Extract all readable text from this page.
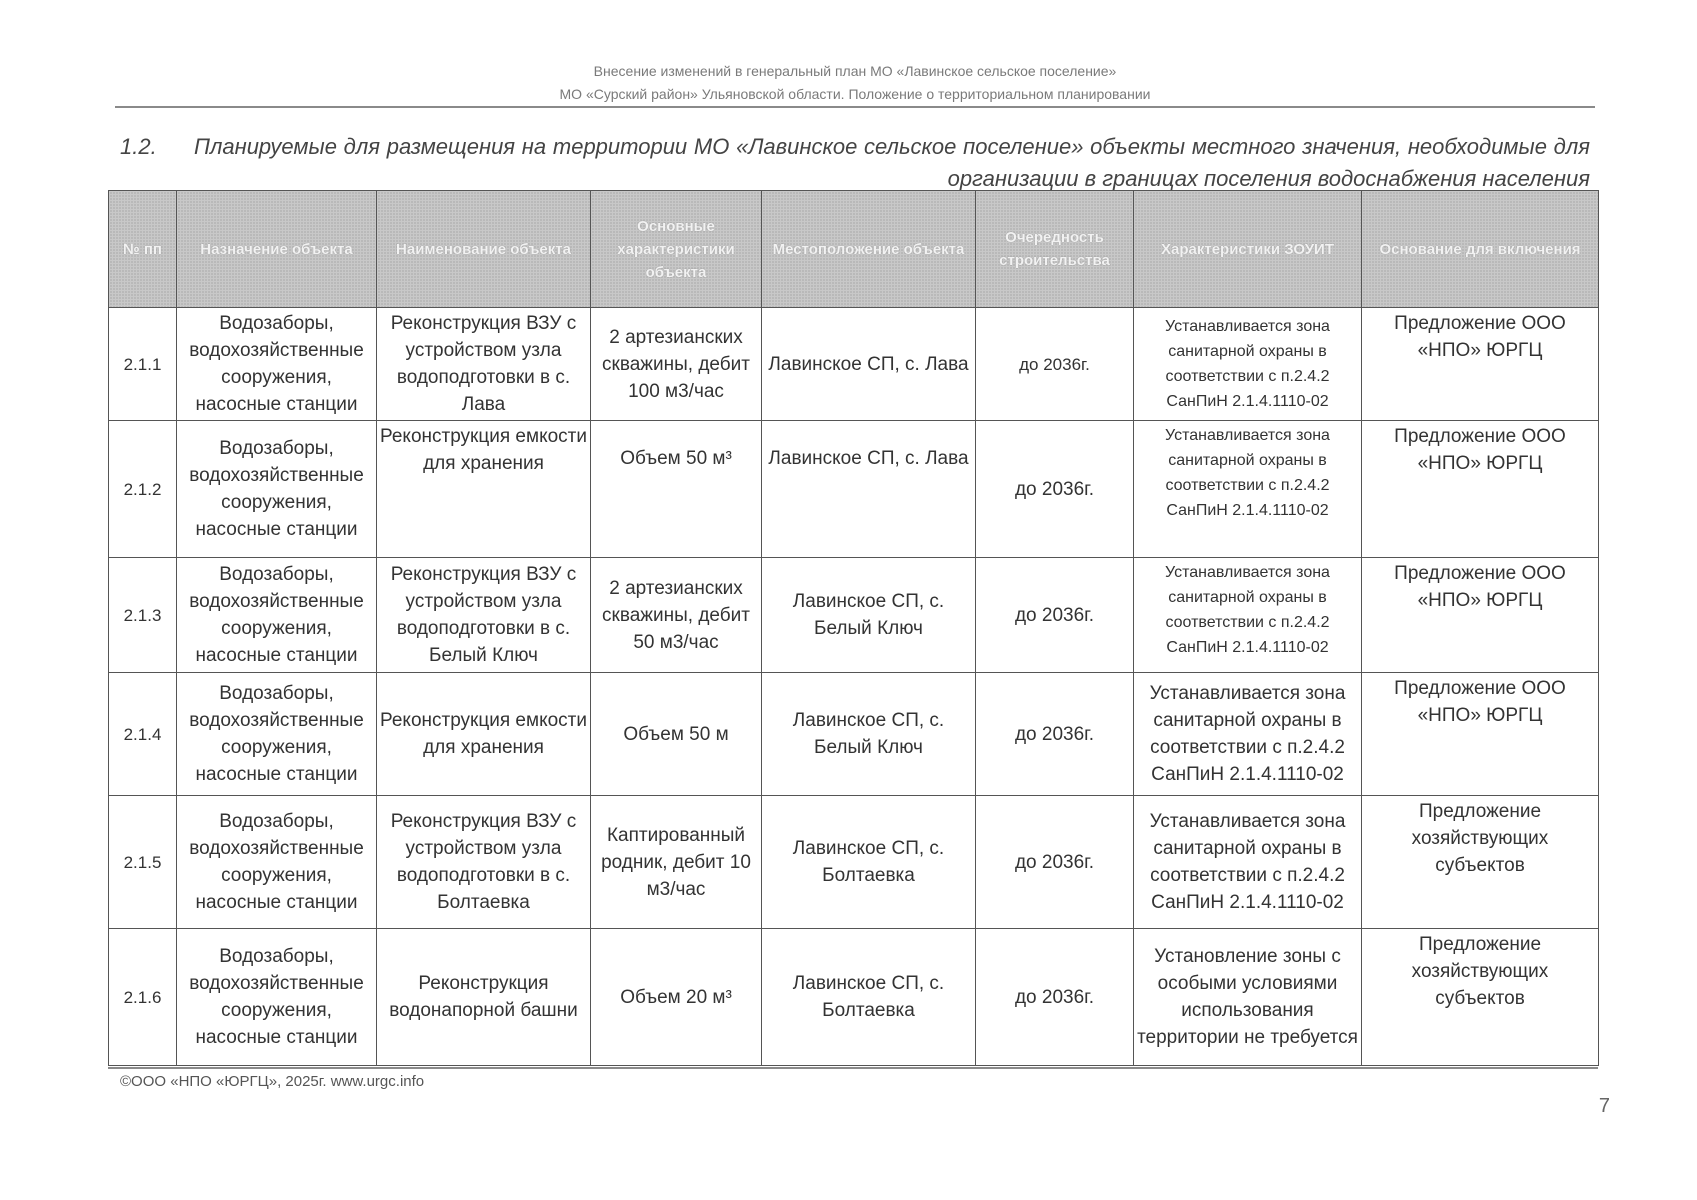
Внесение изменений в генеральный план МО «Лавинское сельское поселение»
МО «Сурский район» Ульяновской области. Положение о территориальном планировании
1.2.	Планируемые для размещения на территории МО «Лавинское сельское поселение» объекты местного значения, необходимые для организации в границах поселения водоснабжения населения
№ пп	Назначение объекта	Наименование объекта	Основные характеристики объекта	Местоположение объекта	Очередность строительства	Характеристики ЗОУИТ	Основание для включения
2.1.1	Водозаборы, водохозяйственные сооружения, насосные станции	Реконструкция ВЗУ с устройством узла водоподготовки в с. Лава	2 артезианских скважины, дебит 100 м3/час	Лавинское СП, с. Лава	до 2036г.	Устанавливается зона санитарной охраны в соответствии с п.2.4.2 СанПиН 2.1.4.1110-02	Предложение ООО «НПО» ЮРГЦ
2.1.2	Водозаборы, водохозяйственные сооружения, насосные станции	Реконструкция емкости для хранения	Объем 50 м³	Лавинское СП, с. Лава	до 2036г.	Устанавливается зона санитарной охраны в соответствии с п.2.4.2 СанПиН 2.1.4.1110-02	Предложение ООО «НПО» ЮРГЦ
2.1.3	Водозаборы, водохозяйственные сооружения, насосные станции	Реконструкция ВЗУ с устройством узла водоподготовки в с. Белый Ключ	2 артезианских скважины, дебит 50 м3/час	Лавинское СП, с. Белый Ключ	до 2036г.	Устанавливается зона санитарной охраны в соответствии с п.2.4.2 СанПиН 2.1.4.1110-02	Предложение ООО «НПО» ЮРГЦ
2.1.4	Водозаборы, водохозяйственные сооружения, насосные станции	Реконструкция емкости для хранения	Объем 50 м	Лавинское СП, с. Белый Ключ	до 2036г.	Устанавливается зона санитарной охраны в соответствии с п.2.4.2 СанПиН 2.1.4.1110-02	Предложение ООО «НПО» ЮРГЦ
2.1.5	Водозаборы, водохозяйственные сооружения, насосные станции	Реконструкция ВЗУ с устройством узла водоподготовки в с. Болтаевка	Каптированный родник, дебит 10 м3/час	Лавинское СП, с. Болтаевка	до 2036г.	Устанавливается зона санитарной охраны в соответствии с п.2.4.2 СанПиН 2.1.4.1110-02	Предложение хозяйствующих субъектов
2.1.6	Водозаборы, водохозяйственные сооружения, насосные станции	Реконструкция водонапорной башни	Объем 20 м³	Лавинское СП, с. Болтаевка	до 2036г.	Установление зоны с особыми условиями использования территории не требуется	Предложение хозяйствующих субъектов
©ООО «НПО «ЮРГЦ», 2025г. www.urgc.info
7
